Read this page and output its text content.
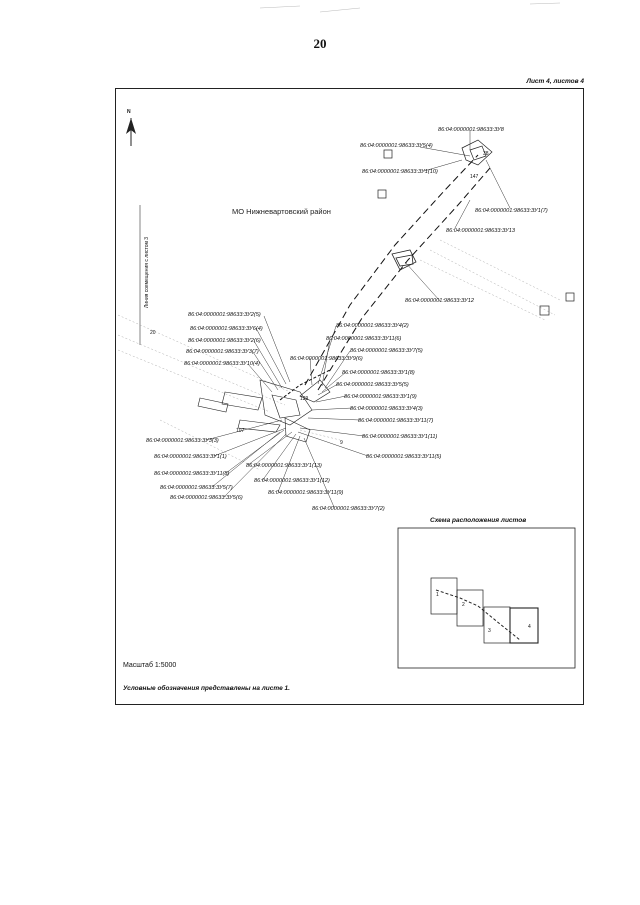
20
Лист 4, листов 4
N
Линия совмещения с листом 3
МО Нижневартовский район
38
147
20
107
129
9
86:04:0000001:98633:ЗУ8
86:04:0000001:98633:ЗУ5(4)
86:04:0000001:98633:ЗУ1(10)
86:04:0000001:98633:ЗУ1(7)
86:04:0000001:98633:ЗУ13
86:04:0000001:98633:ЗУ12
86:04:0000001:98633:ЗУ2(5)
86:04:0000001:98633:ЗУ6(4)
86:04:0000001:98633:ЗУ2(6)
86:04:0000001:98633:ЗУ3(7)
86:04:0000001:98633:ЗУ10(4)
86:04:0000001:98633:ЗУ4(2)
86:04:0000001:98633:ЗУ11(6)
86:04:0000001:98633:ЗУ7(5)
86:04:0000001:98633:ЗУ9(6)
86:04:0000001:98633:ЗУ1(8)
86:04:0000001:98633:ЗУ5(5)
86:04:0000001:98633:ЗУ1(9)
86:04:0000001:98633:ЗУ4(3)
86:04:0000001:98633:ЗУ11(7)
86:04:0000001:98633:ЗУ1(11)
86:04:0000001:98633:ЗУ3(3)
86:04:0000001:98633:ЗУ11(5)
86:04:0000001:98633:ЗУ1(1)
86:04:0000001:98633:ЗУ1(13)
86:04:0000001:98633:ЗУ11(8)
86:04:0000001:98633:ЗУ1(12)
86:04:0000001:98633:ЗУ5(7)
86:04:0000001:98633:ЗУ11(9)
86:04:0000001:98633:ЗУ5(6)
86:04:0000001:98633:ЗУ7(2)
1
2
3
4
Схема расположения листов
Масштаб 1:5000
Условные обозначения представлены на листе 1.
